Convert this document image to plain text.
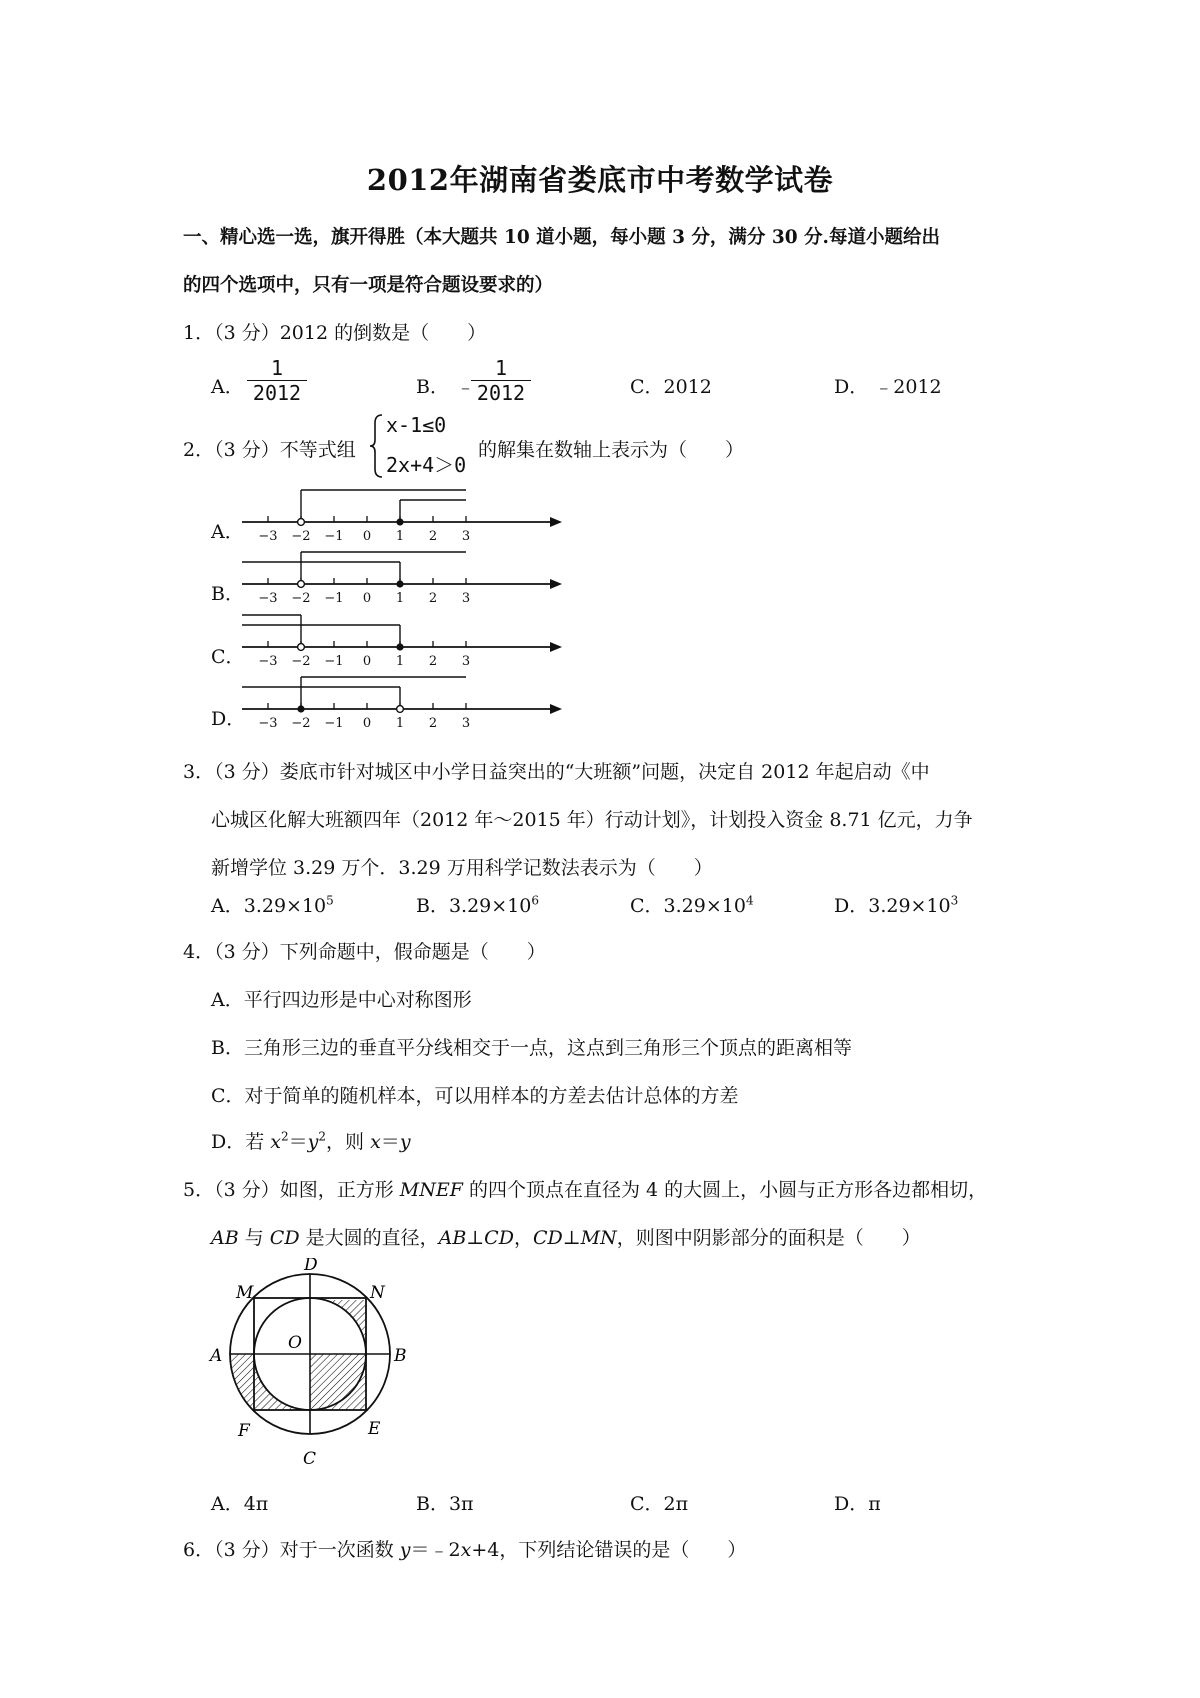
2012年湖南省娄底市中考数学试卷
一、精心选一选，旗开得胜（本大题共 10 道小题，每小题 3 分，满分 30 分.每道小题给出
的四个选项中，只有一项是符合题设要求的）
1．（3 分）2012 的倒数是（　　）
A．
1
2012	B． ﹣
1
2012	C．2012	D． ﹣2012
2．（3 分）不等式组
x-1≤0
2x+4＞0
的解集在数轴上表示为（　　）
A．
B．
C．
D．
−3 −2 −1 0 1 2 3
−3 −2 −1 0 1 2 3
−3 −2 −1 0 1 2 3
−3 −2 −1 0 1 2 3
3．（3 分）娄底市针对城区中小学日益突出的“大班额”问题，决定自 2012 年起启动《中
心城区化解大班额四年（2012 年～2015 年）行动计划》，计划投入资金 8.71 亿元，力争
新增学位 3.29 万个．3.29 万用科学记数法表示为（　　）
A．$3.29\times 10^5$	B．$3.29\times 10^6$	C．$3.29\times 10^4$	D．$3.29\times 10^3$
4．（3 分）下列命题中，假命题是（　　）
A．平行四边形是中心对称图形
B．三角形三边的垂直平分线相交于一点，这点到三角形三个顶点的距离相等
C．对于简单的随机样本，可以用样本的方差去估计总体的方差
D．若 $x^2=y^2$，则 x＝y
5．（3 分）如图，正方形 MNEF 的四个顶点在直径为 4 的大圆上，小圆与正方形各边都相切，
AB 与 CD 是大圆的直径，AB⊥CD，CD⊥MN，则图中阴影部分的面积是（　　）
D
M	N
A
O
B
F	E
C
A．4π	B．3π	C．2π	D．π
6．（3 分）对于一次函数 y＝﹣2x+4，下列结论错误的是（　　）
